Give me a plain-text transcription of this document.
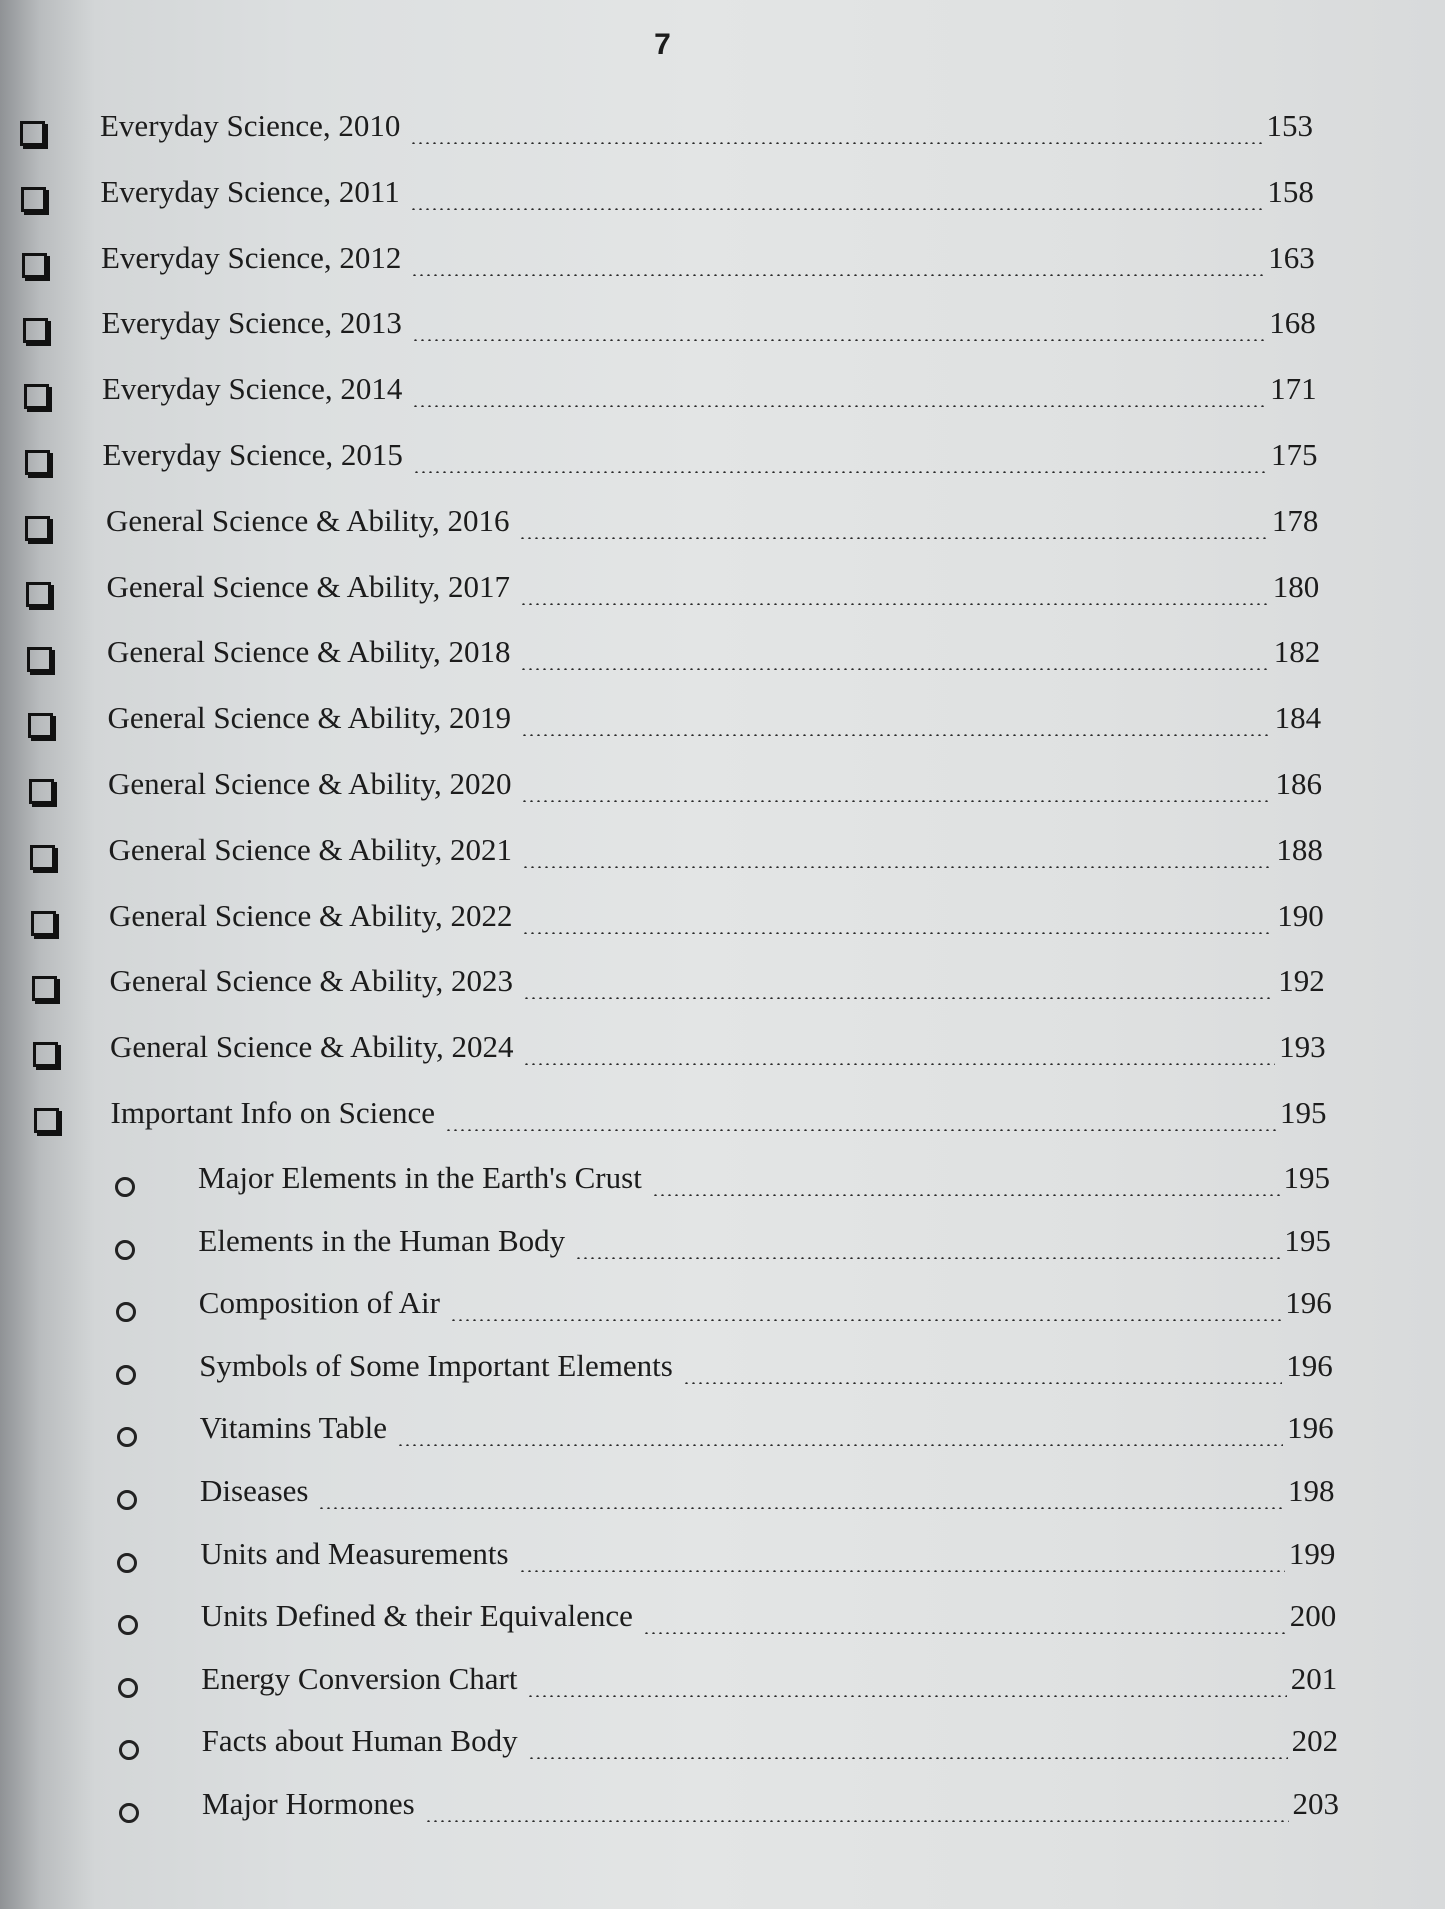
7
Everyday Science, 2010	153
Everyday Science, 2011	158
Everyday Science, 2012	163
Everyday Science, 2013	168
Everyday Science, 2014	171
Everyday Science, 2015	175
General Science & Ability, 2016	178
General Science & Ability, 2017	180
General Science & Ability, 2018	182
General Science & Ability, 2019	184
General Science & Ability, 2020	186
General Science & Ability, 2021	188
General Science & Ability, 2022	190
General Science & Ability, 2023	192
General Science & Ability, 2024	193
Important Info on Science	195
Major Elements in the Earth's Crust	195
Elements in the Human Body	195
Composition of Air	196
Symbols of Some Important Elements	196
Vitamins Table	196
Diseases	198
Units and Measurements	199
Units Defined & their Equivalence	200
Energy Conversion Chart	201
Facts about Human Body	202
Major Hormones	203
